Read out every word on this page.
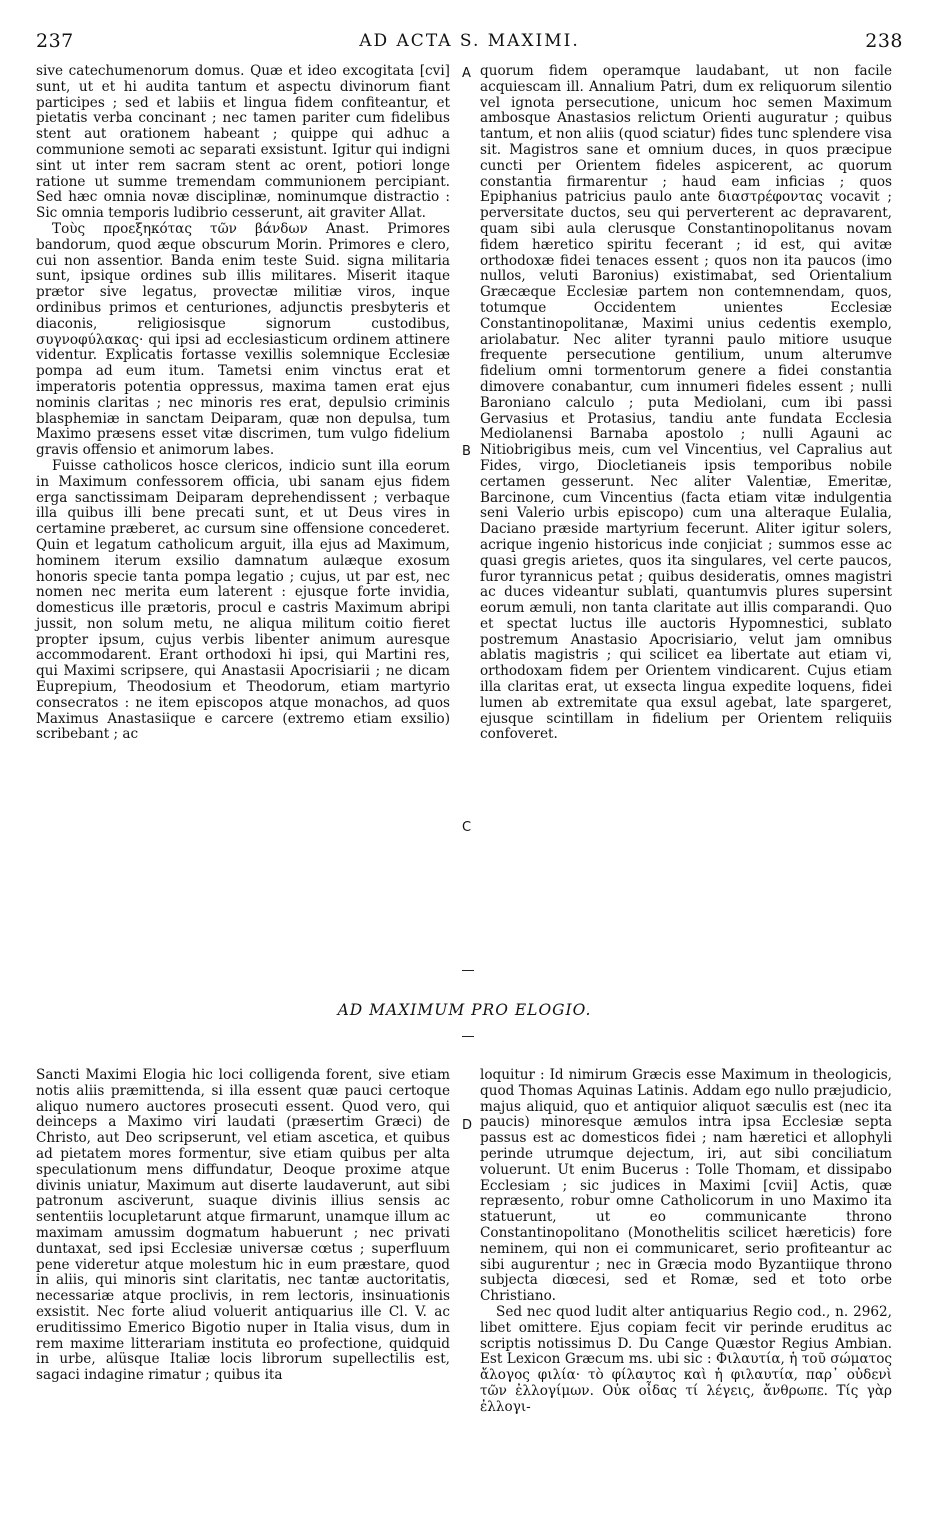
237	AD ACTA S. MAXIMI.	238

sive catechumenorum domus. Quæ et ideo excogitata [cvi] sunt, ut et hi audita tantum et aspectu divinorum fiant participes ; sed et labiis et lingua fidem confiteantur, et pietatis verba concinant ; nec tamen pariter cum fidelibus stent aut orationem habeant ; quippe qui adhuc a communione semoti ac separati exsistunt. Igitur qui indigni sint ut inter rem sacram stent ac orent, potiori longe ratione ut summe tremendam communionem percipiant. Sed hæc omnia novæ disciplinæ, nominumque distractio : Sic omnia temporis ludibrio cesserunt, ait graviter Allat.

Τοὺς προεξηκότας τῶν βάνδων Anast. Primores bandorum, quod æque obscurum Morin. Primores e clero, cui non assentior. Banda enim teste Suid. signa militaria sunt, ipsique ordines sub illis militares. Miserit itaque prætor sive legatus, provectæ militiæ viros, inque ordinibus primos et centuriones, adjunctis presbyteris et diaconis, religiosisque signorum custodibus, συγνοφύλακας· qui ipsi ad ecclesiasticum ordinem attinere videntur. Explicatis fortasse vexillis solemnique Ecclesiæ pompa ad eum itum. Tametsi enim vinctus erat et imperatoris potentia oppressus, maxima tamen erat ejus nominis claritas ; nec minoris res erat, depulsio criminis blasphemiæ in sanctam Deiparam, quæ non depulsa, tum Maximo præsens esset vitæ discrimen, tum vulgo fidelium gravis offensio et animorum labes.

Fuisse catholicos hosce clericos, indicio sunt illa eorum in Maximum confessorem officia, ubi sanam ejus fidem erga sanctissimam Deiparam deprehendissent ; verbaque illa quibus illi bene precati sunt, et ut Deus vires in certamine præberet, ac cursum sine offensione concederet. Quin et legatum catholicum arguit, illa ejus ad Maximum, hominem iterum exsilio damnatum aulæque exosum honoris specie tanta pompa legatio ; cujus, ut par est, nec nomen nec merita eum laterent : ejusque forte invidia, domesticus ille prætoris, procul e castris Maximum abripi jussit, non solum metu, ne aliqua militum coitio fieret propter ipsum, cujus verbis libenter animum auresque accommodarent. Erant orthodoxi hi ipsi, qui Martini res, qui Maximi scripsere, qui Anastasii Apocrisiarii ; ne dicam Euprepium, Theodosium et Theodorum, etiam martyrio consecratos : ne item episcopos atque monachos, ad quos Maximus Anastasiique e carcere (extremo etiam exsilio) scribebant ; ac

quorum fidem operamque laudabant, ut non facile acquiescam ill. Annalium Patri, dum ex reliquorum silentio vel ignota persecutione, unicum hoc semen Maximum ambosque Anastasios relictum Orienti auguratur ; quibus tantum, et non aliis (quod sciatur) fides tunc splendere visa sit. Magistros sane et omnium duces, in quos præcipue cuncti per Orientem fideles aspicerent, ac quorum constantia firmarentur ; haud eam inficias ; quos Epiphanius patricius paulo ante διαστρέφοντας vocavit ; perversitate ductos, seu qui perverterent ac depravarent, quam sibi aula clerusque Constantinopolitanus novam fidem hæretico spiritu fecerant ; id est, qui avitæ orthodoxæ fidei tenaces essent ; quos non ita paucos (imo nullos, veluti Baronius) existimabat, sed Orientalium Græcæque Ecclesiæ partem non contemnendam, quos, totumque Occidentem unientes Ecclesiæ Constantinopolitanæ, Maximi unius cedentis exemplo, ariolabatur. Nec aliter tyranni paulo mitiore usuque frequente persecutione gentilium, unum alterumve fidelium omni tormentorum genere a fidei constantia dimovere conabantur, cum innumeri fideles essent ; nulli Baroniano calculo ; puta Mediolani, cum ibi passi Gervasius et Protasius, tandiu ante fundata Ecclesia Mediolanensi Barnaba apostolo ; nulli Agauni ac Nitiobrigibus meis, cum vel Vincentius, vel Capralius aut Fides, virgo, Diocletianeis ipsis temporibus nobile certamen gesserunt. Nec aliter Valentiæ, Emeritæ, Barcinone, cum Vincentius (facta etiam vitæ indulgentia seni Valerio urbis episcopo) cum una alteraque Eulalia, Daciano præside martyrium fecerunt. Aliter igitur solers, acrique ingenio historicus inde conjiciat ; summos esse ac quasi gregis arietes, quos ita singulares, vel certe paucos, furor tyrannicus petat ; quibus desideratis, omnes magistri ac duces videantur sublati, quantumvis plures supersint eorum æmuli, non tanta claritate aut illis comparandi. Quo et spectat luctus ille auctoris Hypomnestici, sublato postremum Anastasio Apocrisiario, velut jam omnibus ablatis magistris ; qui scilicet ea libertate aut etiam vi, orthodoxam fidem per Orientem vindicarent. Cujus etiam illa claritas erat, ut exsecta lingua expedite loquens, fidei lumen ab extremitate qua exsul agebat, late spargeret, ejusque scintillam in fidelium per Orientem reliquiis confoveret.

A
B
C
D
AD MAXIMUM PRO ELOGIO.

Sancti Maximi Elogia hic loci colligenda forent, sive etiam notis aliis præmittenda, si illa essent quæ pauci certoque aliquo numero auctores prosecuti essent. Quod vero, qui deinceps a Maximo viri laudati (præsertim Græci) de Christo, aut Deo scripserunt, vel etiam ascetica, et quibus ad pietatem mores formentur, sive etiam quibus per alta speculationum mens diffundatur, Deoque proxime atque divinis uniatur, Maximum aut diserte laudaverunt, aut sibi patronum asciverunt, suaque divinis illius sensis ac sententiis locupletarunt atque firmarunt, unamque illum ac maximam amussim dogmatum habuerunt ; nec privati duntaxat, sed ipsi Ecclesiæ universæ cœtus ; superfluum pene videretur atque molestum hic in eum præstare, quod in aliis, qui minoris sint claritatis, nec tantæ auctoritatis, necessariæ atque proclivis, in rem lectoris, insinuationis exsistit. Nec forte aliud voluerit antiquarius ille Cl. V. ac eruditissimo Emerico Bigotio nuper in Italia visus, dum in rem maxime litterariam instituta eo profectione, quidquid in urbe, alüsque Italiæ locis librorum supellectilis est, sagaci indagine rimatur ; quibus ita

loquitur : Id nimirum Græcis esse Maximum in theologicis, quod Thomas Aquinas Latinis. Addam ego nullo præjudicio, majus aliquid, quo et antiquior aliquot sæculis est (nec ita paucis) minoresque æmulos intra ipsa Ecclesiæ septa passus est ac domesticos fidei ; nam hæretici et allophyli perinde utrumque dejectum, iri, aut sibi conciliatum voluerunt. Ut enim Bucerus : Tolle Thomam, et dissipabo Ecclesiam ; sic judices in Maximi [cvii] Actis, quæ repræsento, robur omne Catholicorum in uno Maximo ita statuerunt, ut eo communicante throno Constantinopolitano (Monothelitis scilicet hæreticis) fore neminem, qui non ei communicaret, serio profiteantur ac sibi augurentur ; nec in Græcia modo Byzantiique throno subjecta diœcesi, sed et Romæ, sed et toto orbe Christiano.

Sed nec quod ludit alter antiquarius Regio cod., n. 2962, libet omittere. Ejus copiam fecit vir perinde eruditus ac scriptis notissimus D. Du Cange Quæstor Regius Ambian. Est Lexicon Græcum ms. ubi sic : Φιλαυτία, ἡ τοῦ σώματος ἄλογος φιλία· τὸ φίλαυτος καὶ ἡ φιλαυτία, παρ᾽ οὐδενὶ τῶν ἐλλογίμων. Οὐκ οἶδας τί λέγεις, ἄνθρωπε. Τίς γὰρ ἐλλογι-
